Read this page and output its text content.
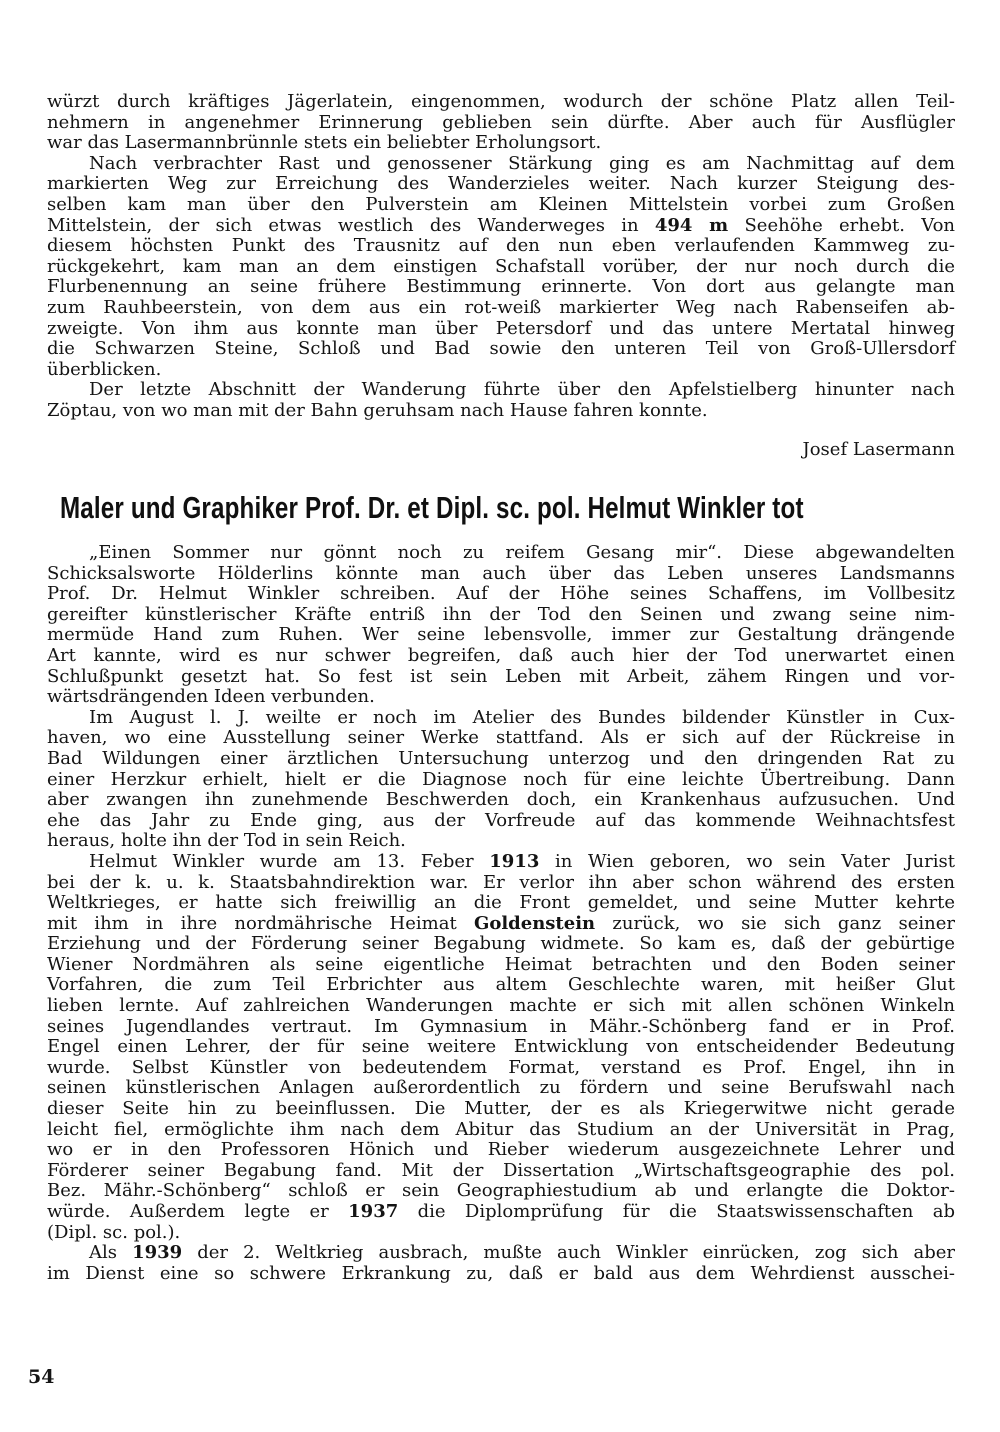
würzt durch kräftiges Jägerlatein, eingenommen, wodurch der schöne Platz allen Teil-
nehmern in angenehmer Erinnerung geblieben sein dürfte. Aber auch für Ausflügler
war das Lasermannbrünnle stets ein beliebter Erholungsort.
Nach verbrachter Rast und genossener Stärkung ging es am Nachmittag auf dem
markierten Weg zur Erreichung des Wanderzieles weiter. Nach kurzer Steigung des-
selben kam man über den Pulverstein am Kleinen Mittelstein vorbei zum Großen
Mittelstein, der sich etwas westlich des Wanderweges in 494 m Seehöhe erhebt. Von
diesem höchsten Punkt des Trausnitz auf den nun eben verlaufenden Kammweg zu-
rückgekehrt, kam man an dem einstigen Schafstall vorüber, der nur noch durch die
Flurbenennung an seine frühere Bestimmung erinnerte. Von dort aus gelangte man
zum Rauhbeerstein, von dem aus ein rot-weiß markierter Weg nach Rabenseifen ab-
zweigte. Von ihm aus konnte man über Petersdorf und das untere Mertatal hinweg
die Schwarzen Steine, Schloß und Bad sowie den unteren Teil von Groß-Ullersdorf
überblicken.
Der letzte Abschnitt der Wanderung führte über den Apfelstielberg hinunter nach
Zöptau, von wo man mit der Bahn geruhsam nach Hause fahren konnte.
Josef Lasermann
Maler und Graphiker Prof. Dr. et Dipl. sc. pol. Helmut Winkler tot
„Einen Sommer nur gönnt noch zu reifem Gesang mir“. Diese abgewandelten
Schicksalsworte Hölderlins könnte man auch über das Leben unseres Landsmanns
Prof. Dr. Helmut Winkler schreiben. Auf der Höhe seines Schaffens, im Vollbesitz
gereifter künstlerischer Kräfte entriß ihn der Tod den Seinen und zwang seine nim-
mermüde Hand zum Ruhen. Wer seine lebensvolle, immer zur Gestaltung drängende
Art kannte, wird es nur schwer begreifen, daß auch hier der Tod unerwartet einen
Schlußpunkt gesetzt hat. So fest ist sein Leben mit Arbeit, zähem Ringen und vor-
wärtsdrängenden Ideen verbunden.
Im August l. J. weilte er noch im Atelier des Bundes bildender Künstler in Cux-
haven, wo eine Ausstellung seiner Werke stattfand. Als er sich auf der Rückreise in
Bad Wildungen einer ärztlichen Untersuchung unterzog und den dringenden Rat zu
einer Herzkur erhielt, hielt er die Diagnose noch für eine leichte Übertreibung. Dann
aber zwangen ihn zunehmende Beschwerden doch, ein Krankenhaus aufzusuchen. Und
ehe das Jahr zu Ende ging, aus der Vorfreude auf das kommende Weihnachtsfest
heraus, holte ihn der Tod in sein Reich.
Helmut Winkler wurde am 13. Feber 1913 in Wien geboren, wo sein Vater Jurist
bei der k. u. k. Staatsbahndirektion war. Er verlor ihn aber schon während des ersten
Weltkrieges, er hatte sich freiwillig an die Front gemeldet, und seine Mutter kehrte
mit ihm in ihre nordmährische Heimat Goldenstein zurück, wo sie sich ganz seiner
Erziehung und der Förderung seiner Begabung widmete. So kam es, daß der gebürtige
Wiener Nordmähren als seine eigentliche Heimat betrachten und den Boden seiner
Vorfahren, die zum Teil Erbrichter aus altem Geschlechte waren, mit heißer Glut
lieben lernte. Auf zahlreichen Wanderungen machte er sich mit allen schönen Winkeln
seines Jugendlandes vertraut. Im Gymnasium in Mähr.-Schönberg fand er in Prof.
Engel einen Lehrer, der für seine weitere Entwicklung von entscheidender Bedeutung
wurde. Selbst Künstler von bedeutendem Format, verstand es Prof. Engel, ihn in
seinen künstlerischen Anlagen außerordentlich zu fördern und seine Berufswahl nach
dieser Seite hin zu beeinflussen. Die Mutter, der es als Kriegerwitwe nicht gerade
leicht fiel, ermöglichte ihm nach dem Abitur das Studium an der Universität in Prag,
wo er in den Professoren Hönich und Rieber wiederum ausgezeichnete Lehrer und
Förderer seiner Begabung fand. Mit der Dissertation „Wirtschaftsgeographie des pol.
Bez. Mähr.-Schönberg“ schloß er sein Geographiestudium ab und erlangte die Doktor-
würde. Außerdem legte er 1937 die Diplomprüfung für die Staatswissenschaften ab
(Dipl. sc. pol.).
Als 1939 der 2. Weltkrieg ausbrach, mußte auch Winkler einrücken, zog sich aber
im Dienst eine so schwere Erkrankung zu, daß er bald aus dem Wehrdienst ausschei-
54
